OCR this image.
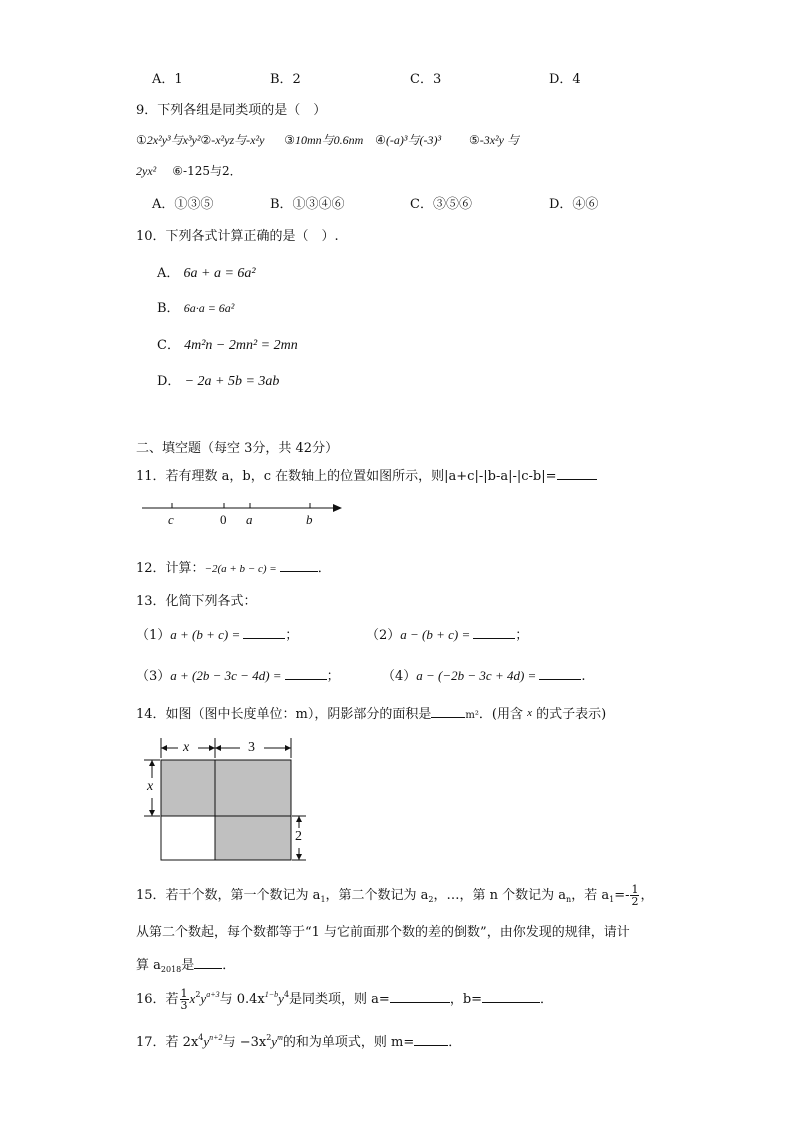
A．1	B．2	C．3	D．4
9．下列各组是同类项的是（　）
①2x²y³与x³y²②-x²yz与-x²y ③10mn与0.6nm ④(-a)³与(-3)³ ⑤-3x²y 与
2yx² ⑥-125与2．
A．①③⑤	B．①③④⑥	C．③⑤⑥	D．④⑥
10．下列各式计算正确的是（　）.
A． 6a + a = 6a²
B． 6a·a = 6a²
C． 4m²n − 2mn² = 2mn
D． − 2a + 5b = 3ab
二、填空题（每空 3分，共 42分）
11．若有理数 a，b，c 在数轴上的位置如图所示，则|a+c|-|b-a|-|c-b|=
c	0 a	b
12．计算：−2(a + b − c) =	．
13．化简下列各式：
（1）a + (b + c) =	；	（2）a − (b + c) =	；
（3）a + (2b − 3c − 4d) =	；	（4）a − (−2b − 3c + 4d) =	.
14．如图（图中长度单位：m），阴影部分的面积是	m²．(用含 x 的式子表示)
x	3
x
2
15．若干个数，第一个数记为 $a_1$，第二个数记为 $a_2$，…，第 n 个数记为 $a_n$，若 $a_1=- \frac{1}{2}$ ，
从第二个数起，每个数都等于“1 与它前面那个数的差的倒数”，由你发现的规律，请计
算 $a_{2018}$是 ．
16．若 $\frac{1}{3} x^2y^{a+3}$与 $0.4x^{1-b}y^4$是同类项，则 a=	，b=	．
17．若 $2x^4y^{n+2}$与 $-3x^2y^m$的和为单项式，则 m=	．
